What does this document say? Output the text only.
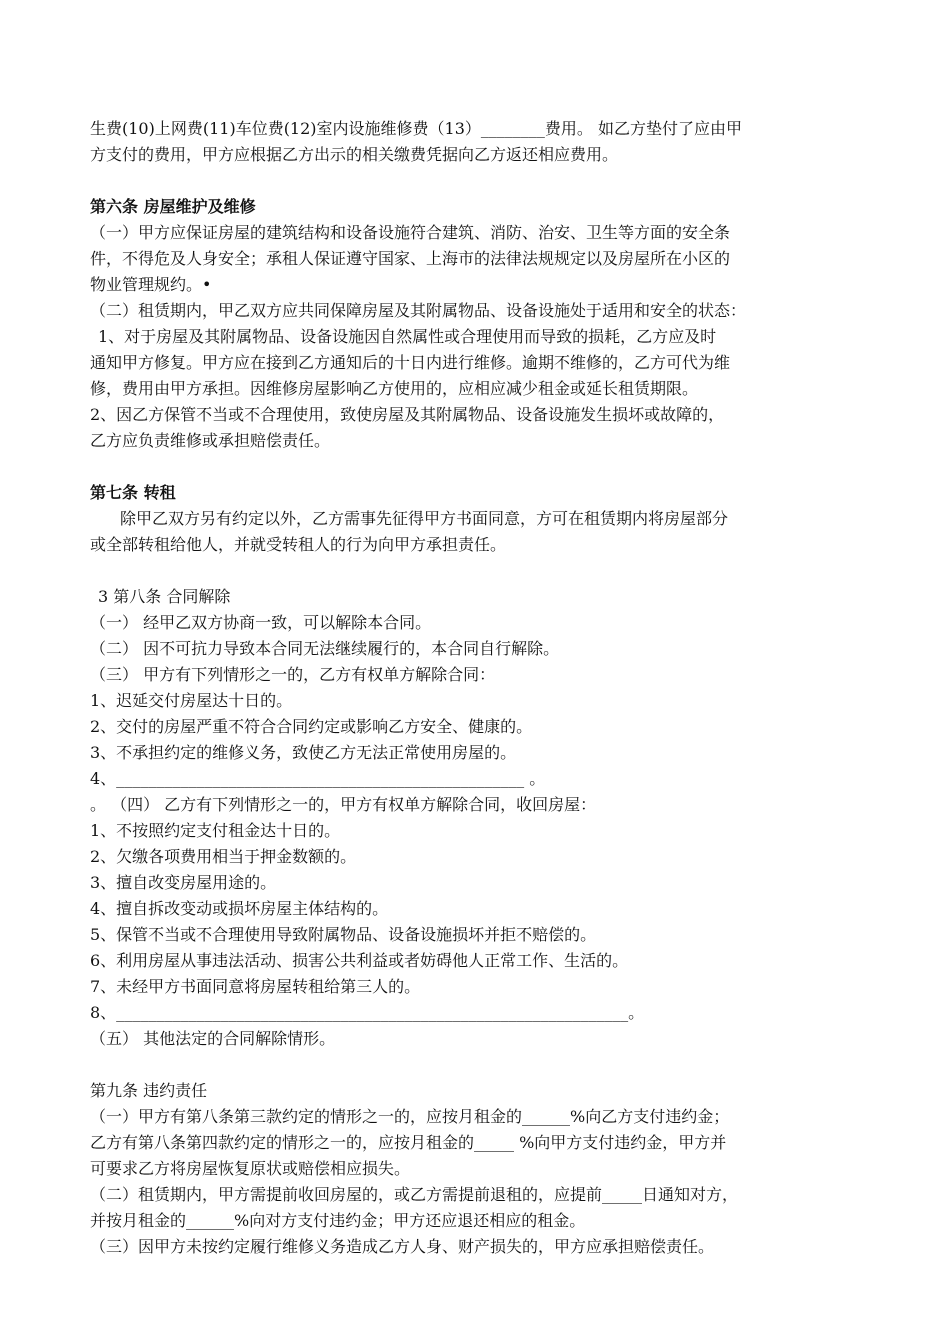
生费(10)上网费(11)车位费(12)室内设施维修费（13）________费用。 如乙方垫付了应由甲
方支付的费用，甲方应根据乙方出示的相关缴费凭据向乙方返还相应费用。
第六条 房屋维护及维修
（一）甲方应保证房屋的建筑结构和设备设施符合建筑、消防、治安、卫生等方面的安全条
件，不得危及人身安全；承租人保证遵守国家、上海市的法律法规规定以及房屋所在小区的
物业管理规约。•
（二）租赁期内，甲乙双方应共同保障房屋及其附属物品、设备设施处于适用和安全的状态：
1、对于房屋及其附属物品、设备设施因自然属性或合理使用而导致的损耗，乙方应及时
通知甲方修复。甲方应在接到乙方通知后的十日内进行维修。逾期不维修的，乙方可代为维
修，费用由甲方承担。因维修房屋影响乙方使用的，应相应减少租金或延长租赁期限。
2、因乙方保管不当或不合理使用，致使房屋及其附属物品、设备设施发生损坏或故障的，
乙方应负责维修或承担赔偿责任。
第七条 转租
除甲乙双方另有约定以外，乙方需事先征得甲方书面同意，方可在租赁期内将房屋部分
或全部转租给他人，并就受转租人的行为向甲方承担责任。
3 第八条 合同解除
（一） 经甲乙双方协商一致，可以解除本合同。
（二） 因不可抗力导致本合同无法继续履行的，本合同自行解除。
（三） 甲方有下列情形之一的，乙方有权单方解除合同：
1、迟延交付房屋达十日的。
2、交付的房屋严重不符合合同约定或影响乙方安全、健康的。
3、不承担约定的维修义务，致使乙方无法正常使用房屋的。
4、___________________________________________________ 。
。 （四） 乙方有下列情形之一的，甲方有权单方解除合同，收回房屋：
1、不按照约定支付租金达十日的。
2、欠缴各项费用相当于押金数额的。
3、擅自改变房屋用途的。
4、擅自拆改变动或损坏房屋主体结构的。
5、保管不当或不合理使用导致附属物品、设备设施损坏并拒不赔偿的。
6、利用房屋从事违法活动、损害公共利益或者妨碍他人正常工作、生活的。
7、未经甲方书面同意将房屋转租给第三人的。
8、________________________________________________________________。
（五） 其他法定的合同解除情形。
第九条 违约责任
（一）甲方有第八条第三款约定的情形之一的，应按月租金的______%向乙方支付违约金；
乙方有第八条第四款约定的情形之一的，应按月租金的_____ %向甲方支付违约金，甲方并
可要求乙方将房屋恢复原状或赔偿相应损失。
（二）租赁期内，甲方需提前收回房屋的，或乙方需提前退租的，应提前_____日通知对方，
并按月租金的______%向对方支付违约金；甲方还应退还相应的租金。
（三）因甲方未按约定履行维修义务造成乙方人身、财产损失的，甲方应承担赔偿责任。
